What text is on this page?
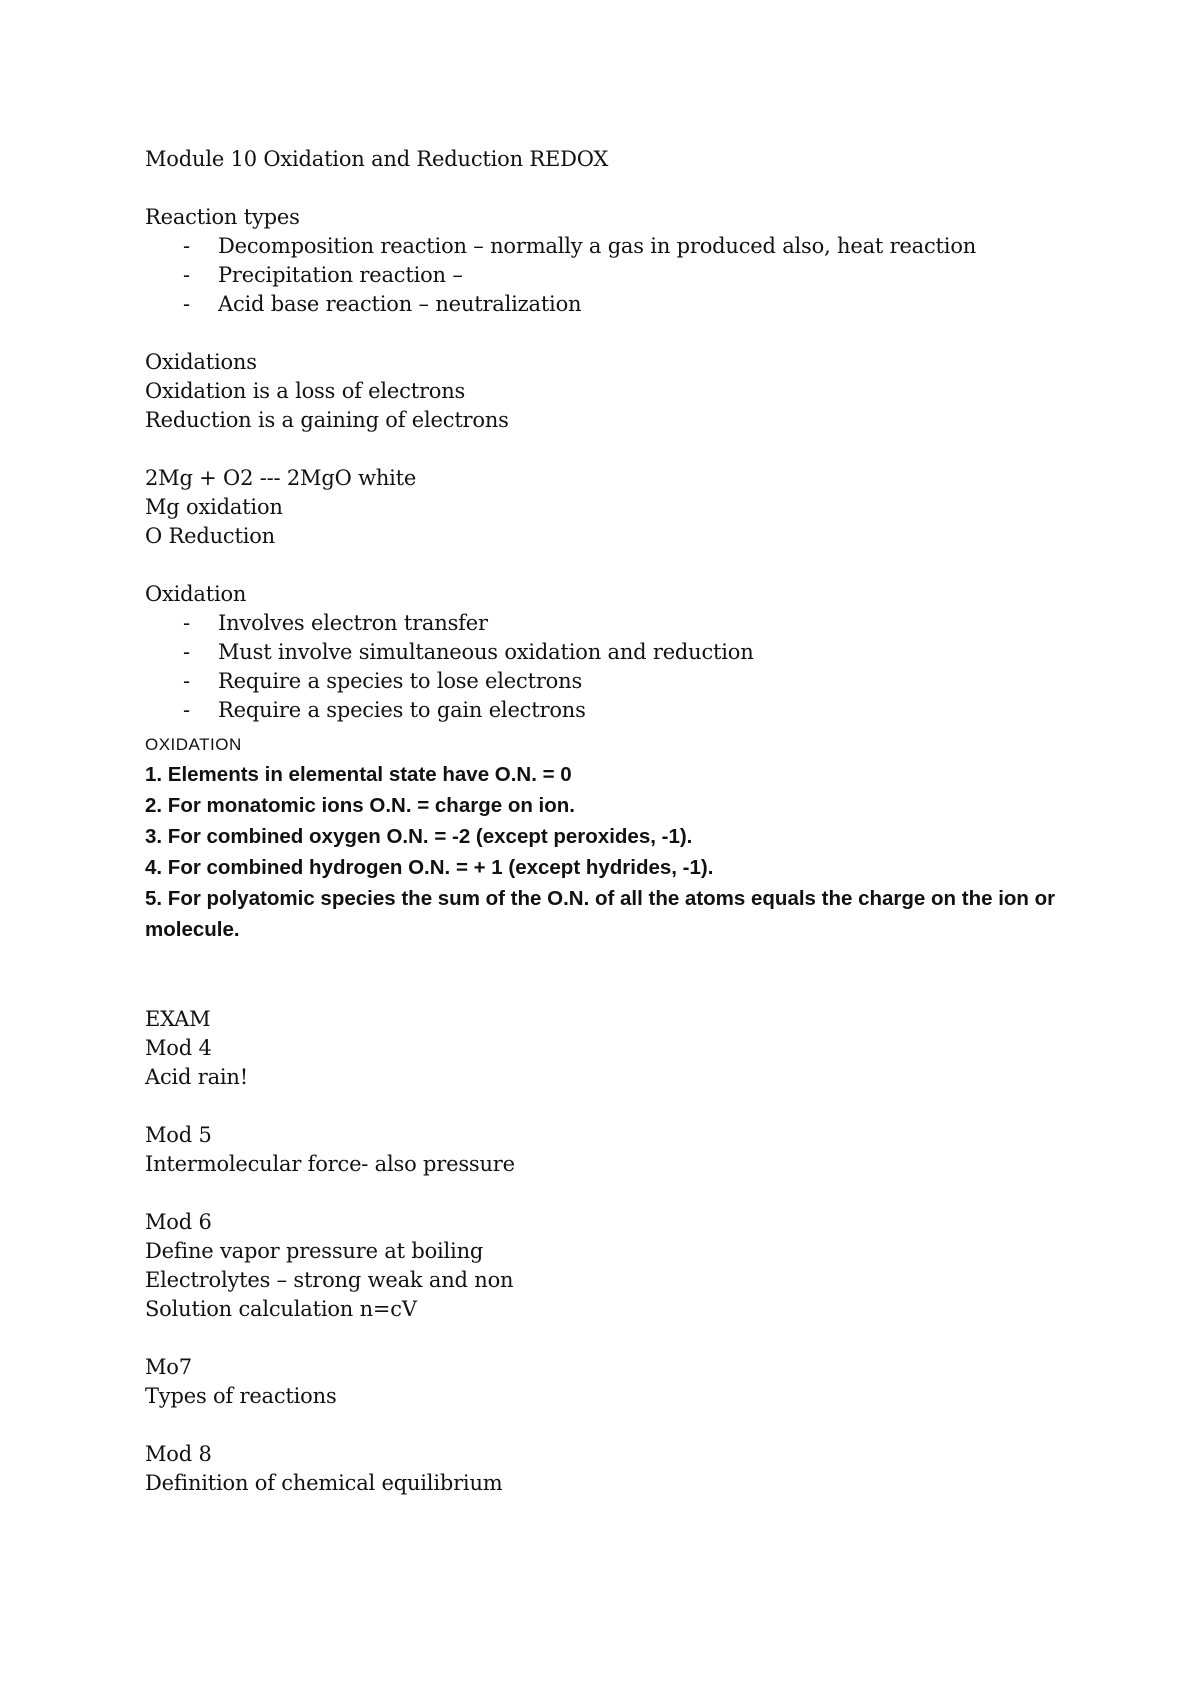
Module 10 Oxidation and Reduction REDOX
Reaction types
- Decomposition reaction – normally a gas in produced also, heat reaction
- Precipitation reaction –
- Acid base reaction – neutralization
Oxidations
Oxidation is a loss of electrons
Reduction is a gaining of electrons
2Mg + O2 --- 2MgO white
Mg oxidation
O Reduction
Oxidation
- Involves electron transfer
- Must involve simultaneous oxidation and reduction
- Require a species to lose electrons
- Require a species to gain electrons
OXIDATION
1. Elements in elemental state have O.N. = 0
2. For monatomic ions O.N. = charge on ion.
3. For combined oxygen O.N. = -2 (except peroxides, -1).
4. For combined hydrogen O.N. = + 1 (except hydrides, -1).
5. For polyatomic species the sum of the O.N. of all the atoms equals the charge on the ion or molecule.
EXAM
Mod 4
Acid rain!
Mod 5
Intermolecular force- also pressure
Mod 6
Define vapor pressure at boiling
Electrolytes – strong weak and non
Solution calculation n=cV
Mo7
Types of reactions
Mod 8
Definition of chemical equilibrium
